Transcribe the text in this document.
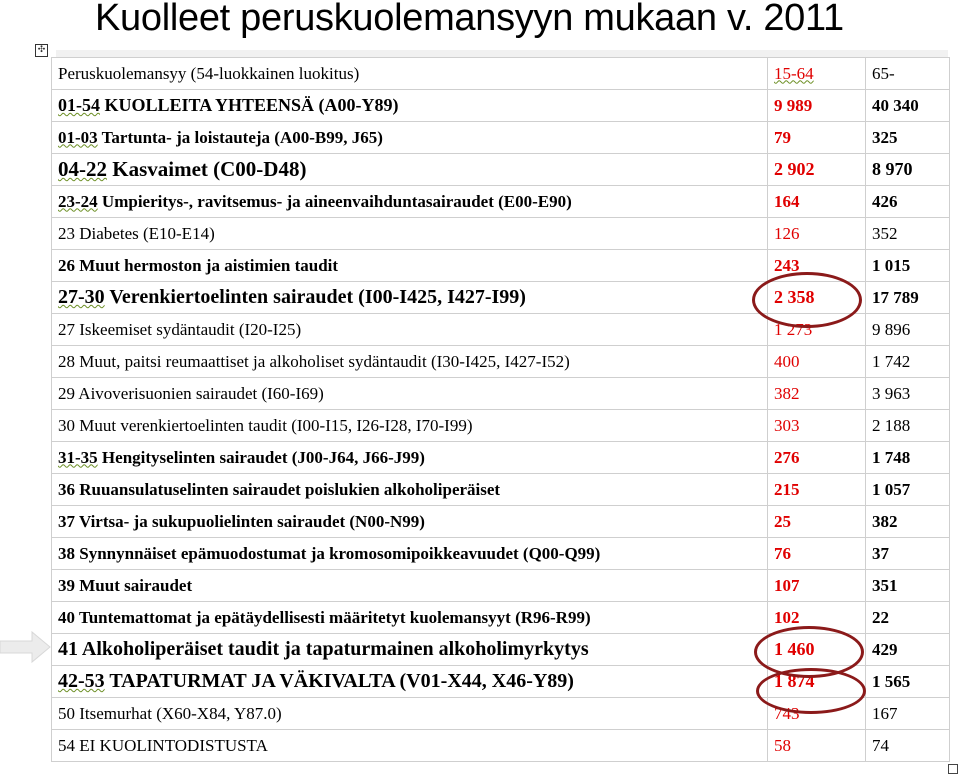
Kuolleet peruskuolemansyyn mukaan v. 2011
✣
Peruskuolemansyy (54-luokkainen luokitus)	15-64	65-
01-54 KUOLLEITA YHTEENSÄ (A00-Y89)	9 989	40 340
01-03 Tartunta- ja loistauteja (A00-B99, J65)	79	325
04-22 Kasvaimet (C00-D48)	2 902	8 970
23-24 Umpieritys-, ravitsemus- ja aineenvaihduntasairaudet (E00-E90)	164	426
23 Diabetes (E10-E14)	126	352
26 Muut hermoston ja aistimien taudit	243	1 015
27-30 Verenkiertoelinten sairaudet (I00-I425, I427-I99)	2 358	17 789
27 Iskeemiset sydäntaudit (I20-I25)	1 273	9 896
28 Muut, paitsi reumaattiset ja alkoholiset sydäntaudit (I30-I425, I427-I52)	400	1 742
29 Aivoverisuonien sairaudet (I60-I69)	382	3 963
30 Muut verenkiertoelinten taudit (I00-I15, I26-I28, I70-I99)	303	2 188
31-35 Hengityselinten sairaudet (J00-J64, J66-J99)	276	1 748
36 Ruuansulatuselinten sairaudet poislukien alkoholiperäiset	215	1 057
37 Virtsa- ja sukupuolielinten sairaudet (N00-N99)	25	382
38 Synnynnäiset epämuodostumat ja kromosomipoikkeavuudet (Q00-Q99)	76	37
39 Muut sairaudet	107	351
40 Tuntemattomat ja epätäydellisesti määritetyt kuolemansyyt (R96-R99)	102	22
41 Alkoholiperäiset taudit ja tapaturmainen alkoholimyrkytys	1 460	429
42-53 TAPATURMAT JA VÄKIVALTA (V01-X44, X46-Y89)	1 874	1 565
50 Itsemurhat (X60-X84, Y87.0)	743	167
54 EI KUOLINTODISTUSTA	58	74
